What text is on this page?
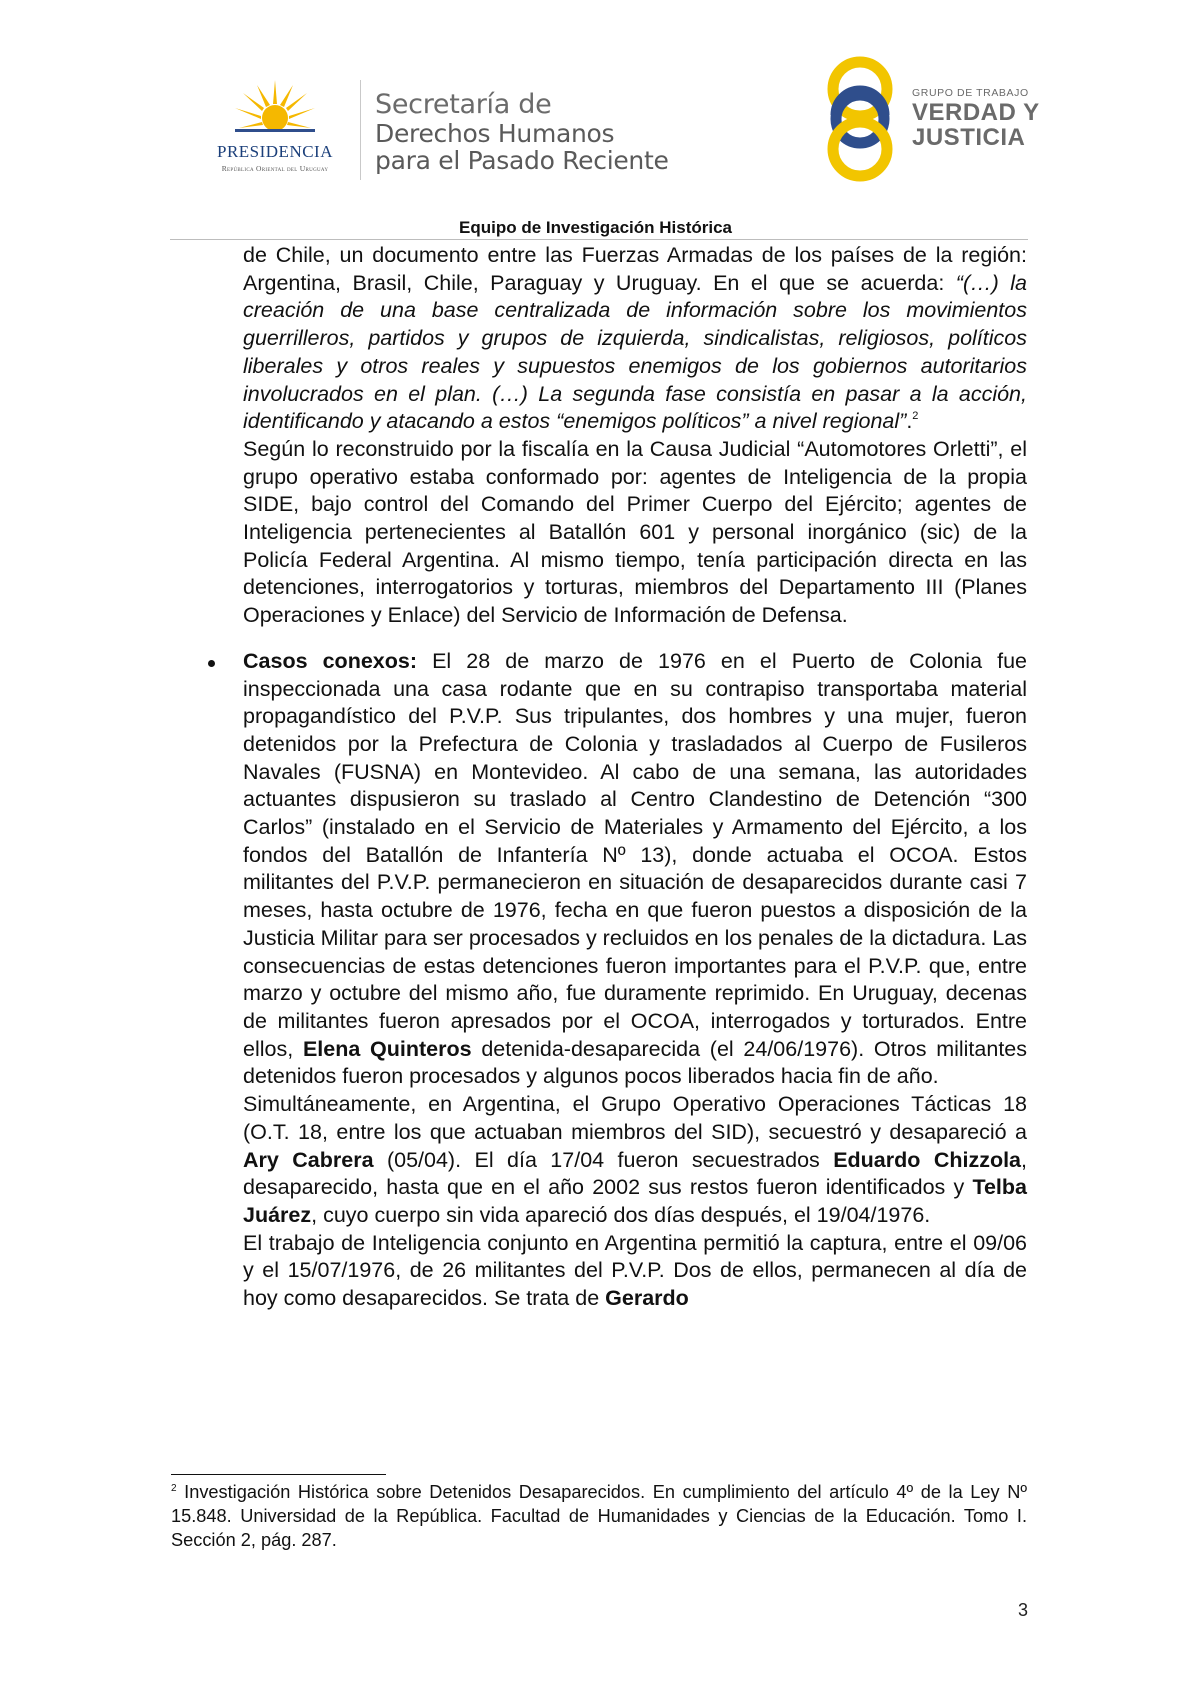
PRESIDENCIA
República Oriental del Uruguay
Secretaría de
Derechos Humanos
para el Pasado Reciente
GRUPO DE TRABAJO
VERDAD Y
JUSTICIA
Equipo de Investigación Histórica

de Chile, un documento entre las Fuerzas Armadas de los países de la región: Argentina, Brasil, Chile, Paraguay y Uruguay. En el que se acuerda: “(…) la creación de una base centralizada de información sobre los movimientos guerrilleros, partidos y grupos de izquierda, sindicalistas, religiosos, políticos liberales y otros reales y supuestos enemigos de los gobiernos autoritarios involucrados en el plan. (…) La segunda fase consistía en pasar a la acción, identificando y atacando a estos “enemigos políticos” a nivel regional”.$^2$

Según lo reconstruido por la fiscalía en la Causa Judicial “Automotores Orletti”, el grupo operativo estaba conformado por: agentes de Inteligencia de la propia SIDE, bajo control del Comando del Primer Cuerpo del Ejército; agentes de Inteligencia pertenecientes al Batallón 601 y personal inorgánico (sic) de la Policía Federal Argentina. Al mismo tiempo, tenía participación directa en las detenciones, interrogatorios y torturas, miembros del Departamento III (Planes Operaciones y Enlace) del Servicio de Información de Defensa.

Casos conexos: El 28 de marzo de 1976 en el Puerto de Colonia fue inspeccionada una casa rodante que en su contrapiso transportaba material propagandístico del P.V.P. Sus tripulantes, dos hombres y una mujer, fueron detenidos por la Prefectura de Colonia y trasladados al Cuerpo de Fusileros Navales (FUSNA) en Montevideo. Al cabo de una semana, las autoridades actuantes dispusieron su traslado al Centro Clandestino de Detención “300 Carlos” (instalado en el Servicio de Materiales y Armamento del Ejército, a los fondos del Batallón de Infantería Nº 13), donde actuaba el OCOA. Estos militantes del P.V.P. permanecieron en situación de desaparecidos durante casi 7 meses, hasta octubre de 1976, fecha en que fueron puestos a disposición de la Justicia Militar para ser procesados y recluidos en los penales de la dictadura. Las consecuencias de estas detenciones fueron importantes para el P.V.P. que, entre marzo y octubre del mismo año, fue duramente reprimido. En Uruguay, decenas de militantes fueron apresados por el OCOA, interrogados y torturados. Entre ellos, Elena Quinteros detenida-desaparecida (el 24/06/1976). Otros militantes detenidos fueron procesados y algunos pocos liberados hacia fin de año.

Simultáneamente, en Argentina, el Grupo Operativo Operaciones Tácticas 18 (O.T. 18, entre los que actuaban miembros del SID), secuestró y desapareció a Ary Cabrera (05/04). El día 17/04 fueron secuestrados Eduardo Chizzola, desaparecido, hasta que en el año 2002 sus restos fueron identificados y Telba Juárez, cuyo cuerpo sin vida apareció dos días después, el 19/04/1976.

El trabajo de Inteligencia conjunto en Argentina permitió la captura, entre el 09/06 y el 15/07/1976, de 26 militantes del P.V.P. Dos de ellos, permanecen al día de hoy como desaparecidos. Se trata de Gerardo

$^2$ Investigación Histórica sobre Detenidos Desaparecidos. En cumplimiento del artículo 4º de la Ley Nº 15.848. Universidad de la República. Facultad de Humanidades y Ciencias de la Educación. Tomo I. Sección 2, pág. 287.

3
